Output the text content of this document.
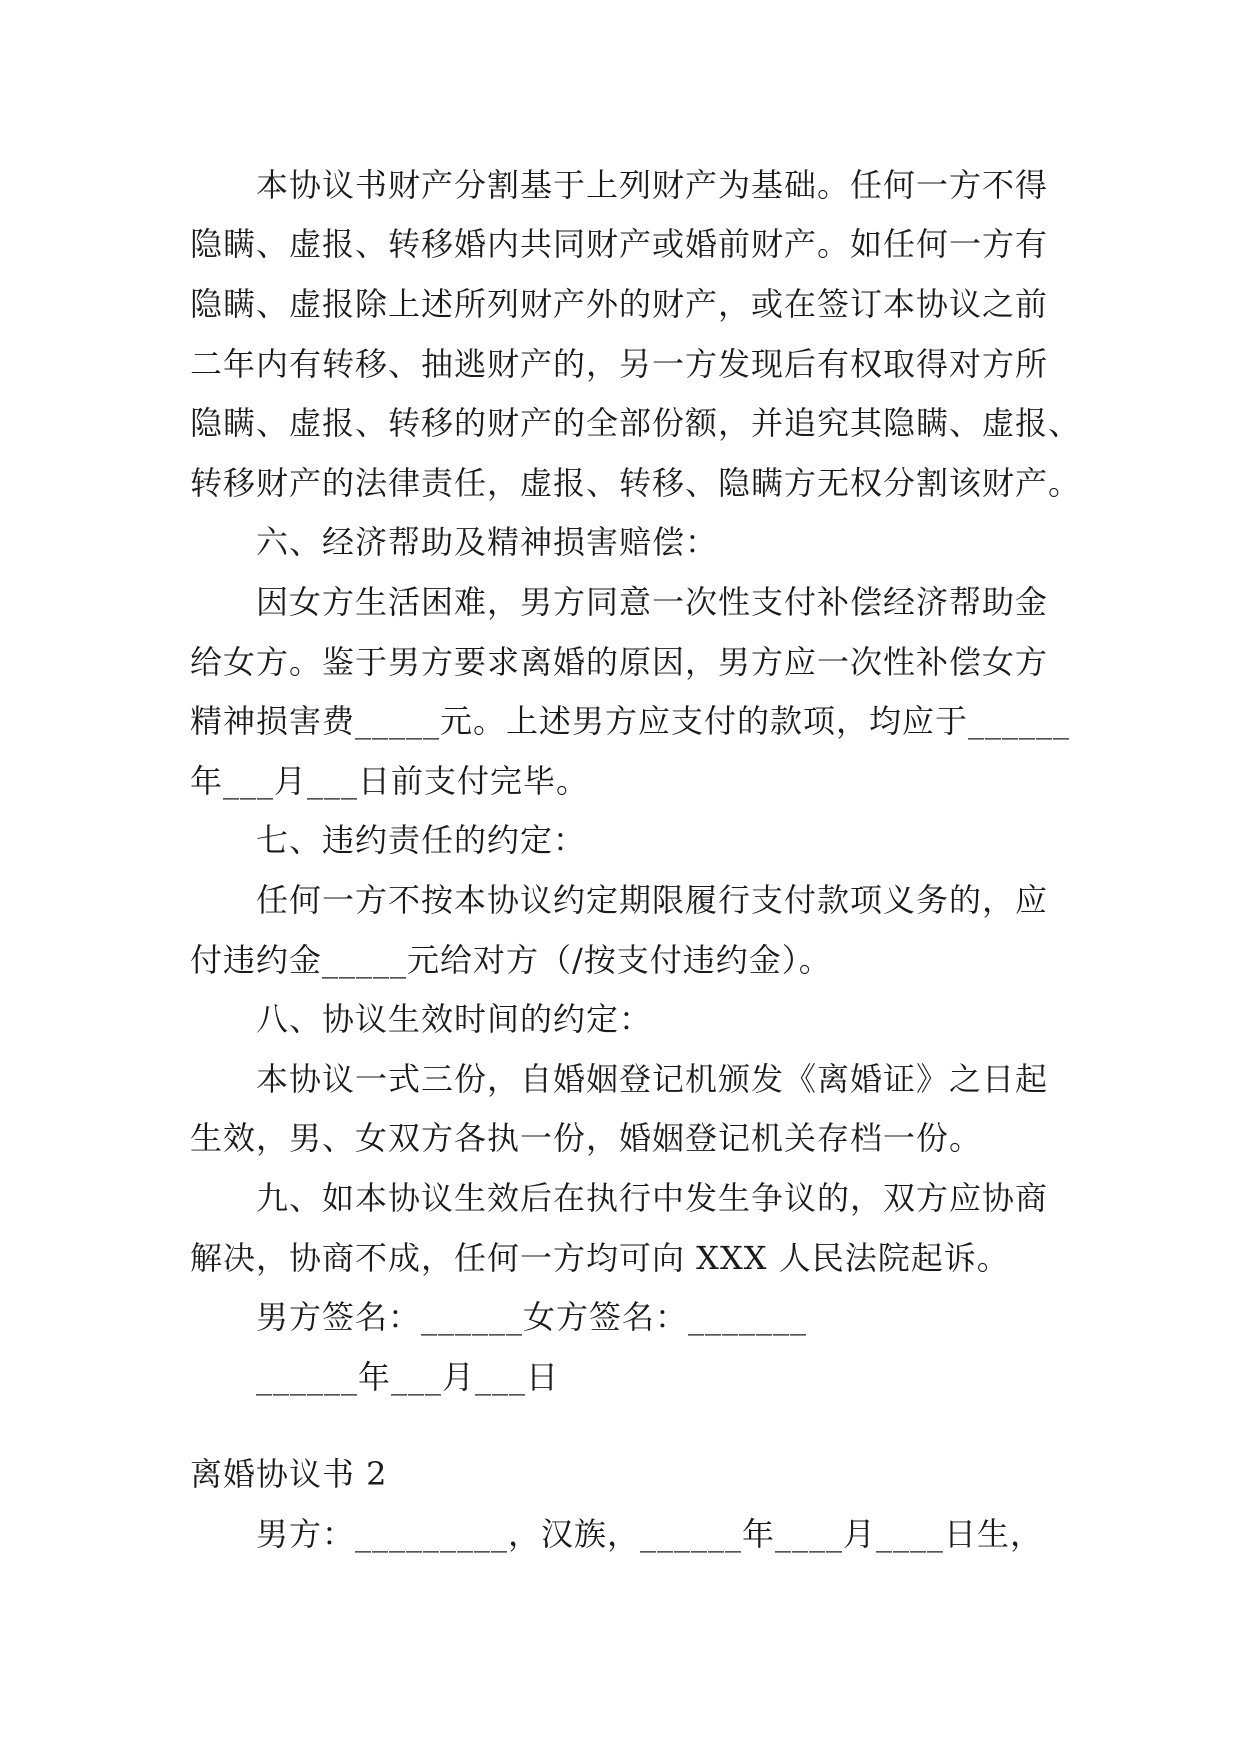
本协议书财产分割基于上列财产为基础。任何一方不得
隐瞒、虚报、转移婚内共同财产或婚前财产。如任何一方有
隐瞒、虚报除上述所列财产外的财产，或在签订本协议之前
二年内有转移、抽逃财产的，另一方发现后有权取得对方所
隐瞒、虚报、转移的财产的全部份额，并追究其隐瞒、虚报、
转移财产的法律责任，虚报、转移、隐瞒方无权分割该财产。
六、经济帮助及精神损害赔偿：
因女方生活困难，男方同意一次性支付补偿经济帮助金
给女方。鉴于男方要求离婚的原因，男方应一次性补偿女方
精神损害费_____元。上述男方应支付的款项，均应于______
年___月___日前支付完毕。
七、违约责任的约定：
任何一方不按本协议约定期限履行支付款项义务的，应
付违约金_____元给对方（/按支付违约金）。
八、协议生效时间的约定：
本协议一式三份，自婚姻登记机颁发《离婚证》之日起
生效，男、女双方各执一份，婚姻登记机关存档一份。
九、如本协议生效后在执行中发生争议的，双方应协商
解决，协商不成，任何一方均可向 XXX 人民法院起诉。
男方签名：______女方签名：_______
______年___月___日
离婚协议书 2
男方：_________，汉族，______年____月____日生，
